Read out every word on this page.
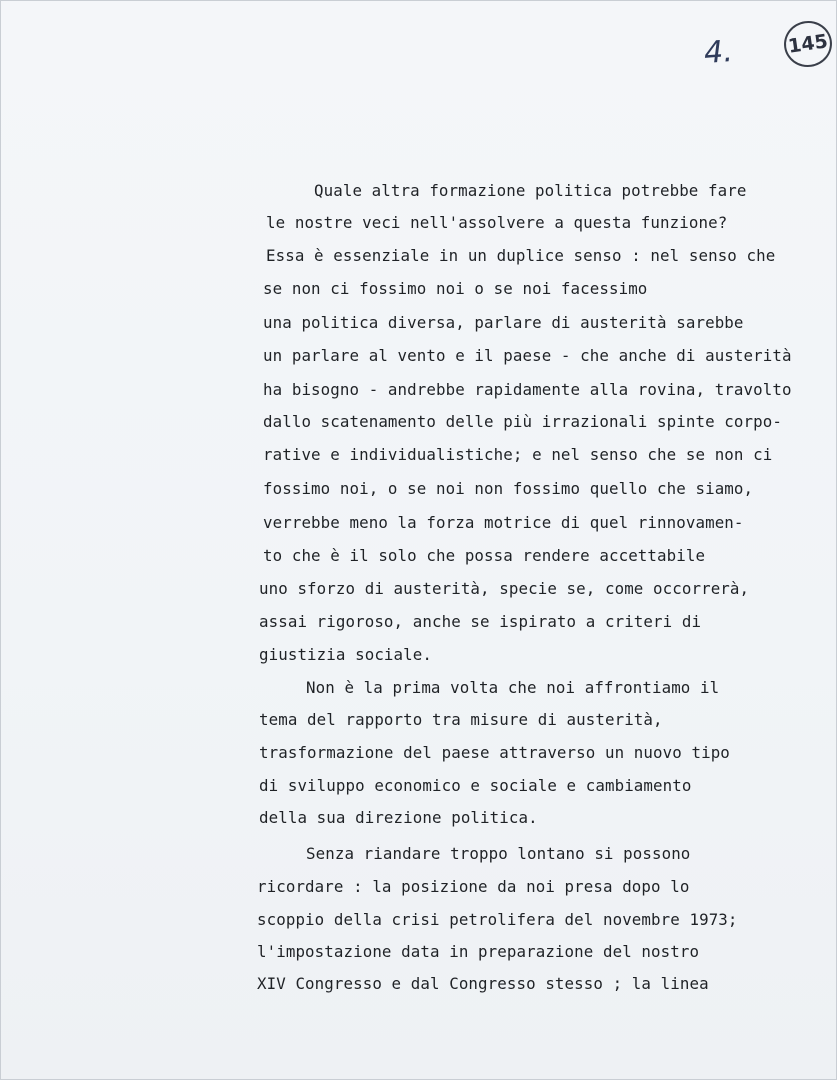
4.	145
Quale altra formazione politica potrebbe fare
le nostre veci nell'assolvere a questa funzione?
Essa è essenziale in un duplice senso : nel senso che
se non ci fossimo noi o se noi facessimo
una politica diversa, parlare di austerità sarebbe
un parlare al vento e il paese - che anche di austerità
ha bisogno - andrebbe rapidamente alla rovina, travolto
dallo scatenamento delle più irrazionali spinte corpo-
rative e individualistiche; e nel senso che se non ci
fossimo noi, o se noi non fossimo quello che siamo,
verrebbe meno la forza motrice di quel rinnovamen-
to che è il solo che possa rendere accettabile
uno sforzo di austerità, specie se, come occorrerà,
assai rigoroso, anche se ispirato a criteri di
giustizia sociale.
Non è la prima volta che noi affrontiamo il
tema del rapporto tra misure di austerità,
trasformazione del paese attraverso un nuovo tipo
di sviluppo economico e sociale e cambiamento
della sua direzione politica.
Senza riandare troppo lontano si possono
ricordare : la posizione da noi presa dopo lo
scoppio della crisi petrolifera del novembre 1973;
l'impostazione data in preparazione del nostro
XIV Congresso e dal Congresso stesso ; la linea
